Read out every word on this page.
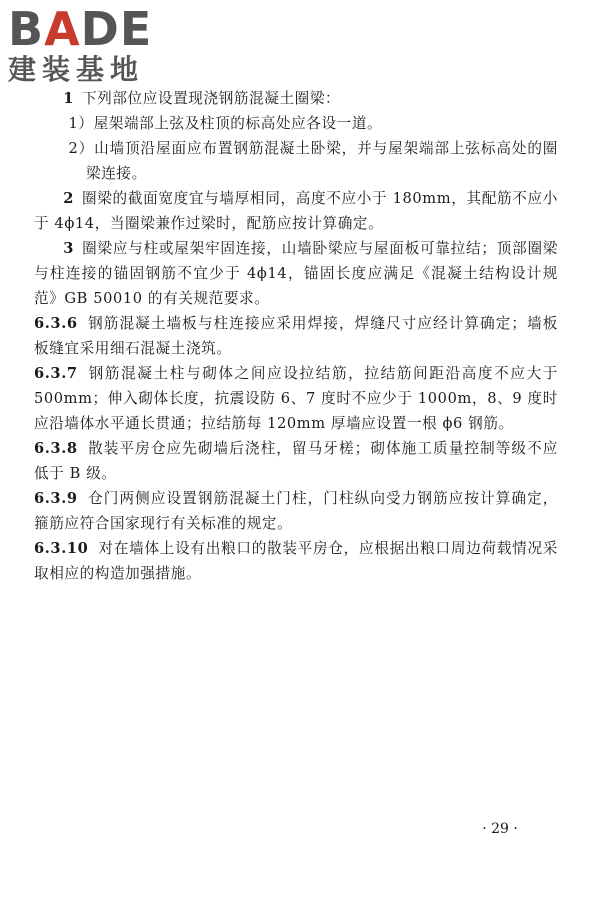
BADE
建装基地

1 下列部位应设置现浇钢筋混凝土圈梁：

1）屋架端部上弦及柱顶的标高处应各设一道。

2）山墙顶沿屋面应布置钢筋混凝土卧梁，并与屋架端部上弦标高处的圈梁连接。

2 圈梁的截面宽度宜与墙厚相同，高度不应小于 180mm，其配筋不应小于 4ϕ14，当圈梁兼作过梁时，配筋应按计算确定。

3 圈梁应与柱或屋架牢固连接，山墙卧梁应与屋面板可靠拉结；顶部圈梁与柱连接的锚固钢筋不宜少于 4ϕ14，锚固长度应满足《混凝土结构设计规范》GB 50010 的有关规范要求。

6.3.6 钢筋混凝土墙板与柱连接应采用焊接，焊缝尺寸应经计算确定；墙板板缝宜采用细石混凝土浇筑。

6.3.7 钢筋混凝土柱与砌体之间应设拉结筋，拉结筋间距沿高度不应大于 500mm；伸入砌体长度，抗震设防 6、7 度时不应少于 1000m，8、9 度时应沿墙体水平通长贯通；拉结筋每 120mm 厚墙应设置一根 ϕ6 钢筋。

6.3.8 散装平房仓应先砌墙后浇柱，留马牙槎；砌体施工质量控制等级不应低于 B 级。

6.3.9 仓门两侧应设置钢筋混凝土门柱，门柱纵向受力钢筋应按计算确定，箍筋应符合国家现行有关标准的规定。

6.3.10 对在墙体上设有出粮口的散装平房仓，应根据出粮口周边荷载情况采取相应的构造加强措施。

· 29 ·
